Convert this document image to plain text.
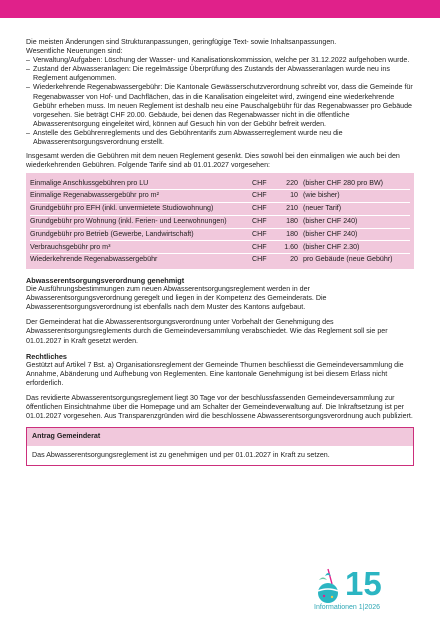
Die meisten Änderungen sind Strukturanpassungen, geringfügige Text- sowie Inhaltsanpassungen.

Wesentliche Neuerungen sind:

– Verwaltung/Aufgaben: Löschung der Wasser- und Kanalisationskommission, welche per 31.12.2022 aufgehoben wurde.
– Zustand der Abwasseranlagen: Die regelmässige Überprüfung des Zustands der Abwasseranlagen wurde neu ins Reglement aufgenommen.
– Wiederkehrende Regenabwassergebühr: Die Kantonale Gewässerschutzverordnung schreibt vor, dass die Gemeinde für Regenabwasser von Hof- und Dachflächen, das in die Kanalisation eingeleitet wird, zwingend eine wiederkehrende Gebühr erheben muss. Im neuen Reglement ist deshalb neu eine Pauschalgebühr für das Regenabwasser pro Gebäude vorgesehen. Sie beträgt CHF 20.00. Gebäude, bei denen das Regenabwasser nicht in die öffentliche Abwasserentsorgung eingeleitet wird, können auf Gesuch hin von der Gebühr befreit werden.
– Anstelle des Gebührenreglements und des Gebührentarifs zum Abwasserreglement wurde neu die Abwasserentsorgungsverordnung erstellt.

Insgesamt werden die Gebühren mit dem neuen Reglement gesenkt. Dies sowohl bei den einmaligen wie auch bei den wiederkehrenden Gebühren. Folgende Tarife sind ab 01.01.2027 vorgesehen:

Einmalige Anschlussgebühren pro LU	CHF	220	(bisher CHF 280 pro BW)
Einmalige Regenabwassergebühr pro m²	CHF	10	(wie bisher)
Grundgebühr pro EFH (inkl. unvermietete Studiowohnung)	CHF	210	(neuer Tarif)
Grundgebühr pro Wohnung (inkl. Ferien- und Leerwohnungen)	CHF	180	(bisher CHF 240)
Grundgebühr pro Betrieb (Gewerbe, Landwirtschaft)	CHF	180	(bisher CHF 240)
Verbrauchsgebühr pro m³	CHF	1.60	(bisher CHF 2.30)
Wiederkehrende Regenabwassergebühr	CHF	20	pro Gebäude (neue Gebühr)
Abwasserentsorgungsverordnung genehmigt

Die Ausführungsbestimmungen zum neuen Abwasserentsorgungsreglement werden in der Abwasserentsorgungsverordnung geregelt und liegen in der Kompetenz des Gemeinderats. Die Abwasserentsorgungsverordnung ist ebenfalls nach dem Muster des Kantons aufgebaut.

Der Gemeinderat hat die Abwasserentsorgungsverordnung unter Vorbehalt der Genehmigung des Abwasserentsorgungsreglements durch die Gemeindeversammlung verabschiedet. Wie das Reglement soll sie per 01.01.2027 in Kraft gesetzt werden.

Rechtliches

Gestützt auf Artikel 7 Bst. a) Organisationsreglement der Gemeinde Thurnen beschliesst die Gemeindeversammlung die Annahme, Abänderung und Aufhebung von Reglementen. Eine kantonale Genehmigung ist bei diesem Erlass nicht erforderlich.

Das revidierte Abwasserentsorgungsreglement liegt 30 Tage vor der beschlussfassenden Gemeindeversammlung zur öffentlichen Einsichtnahme über die Homepage und am Schalter der Gemeindeverwaltung auf. Die Inkraftsetzung ist per 01.01.2027 vorgesehen. Aus Transparenzgründen wird die beschlossene Abwasserentsorgungsverordnung auch publiziert.

Antrag Gemeinderat
Das Abwasserentsorgungsreglement ist zu genehmigen und per 01.01.2027 in Kraft zu setzen.
15
Informationen 1|2026
